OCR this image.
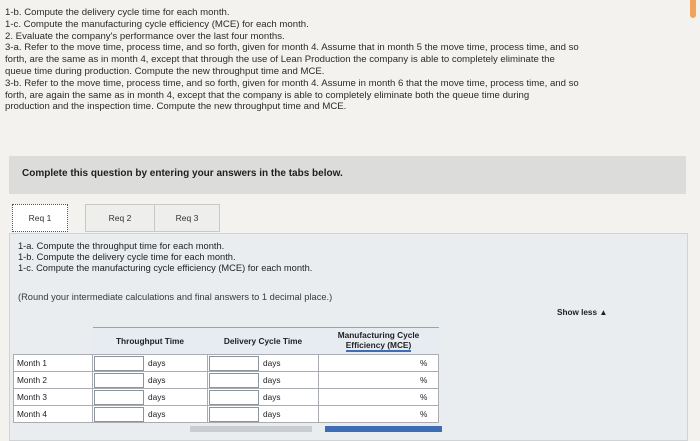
1-b. Compute the delivery cycle time for each month.
1-c. Compute the manufacturing cycle efficiency (MCE) for each month.
2. Evaluate the company's performance over the last four months.
3-a. Refer to the move time, process time, and so forth, given for month 4. Assume that in month 5 the move time, process time, and so
forth, are the same as in month 4, except that through the use of Lean Production the company is able to completely eliminate the
queue time during production. Compute the new throughput time and MCE.
3-b. Refer to the move time, process time, and so forth, given for month 4. Assume in month 6 that the move time, process time, and so
forth, are again the same as in month 4, except that the company is able to completely eliminate both the queue time during
production and the inspection time. Compute the new throughput time and MCE.
Complete this question by entering your answers in the tabs below.
Req 1	Req 2	Req 3
1-a. Compute the throughput time for each month.
1-b. Compute the delivery cycle time for each month.
1-c. Compute the manufacturing cycle efficiency (MCE) for each month.
(Round your intermediate calculations and final answers to 1 decimal place.)
Show less ▲
	Throughput Time	Delivery Cycle Time	Manufacturing Cycle
Efficiency (MCE)
Month 1	days	days	%

Month 2	days	days	%

Month 3	days	days	%

Month 4	days	days	%
